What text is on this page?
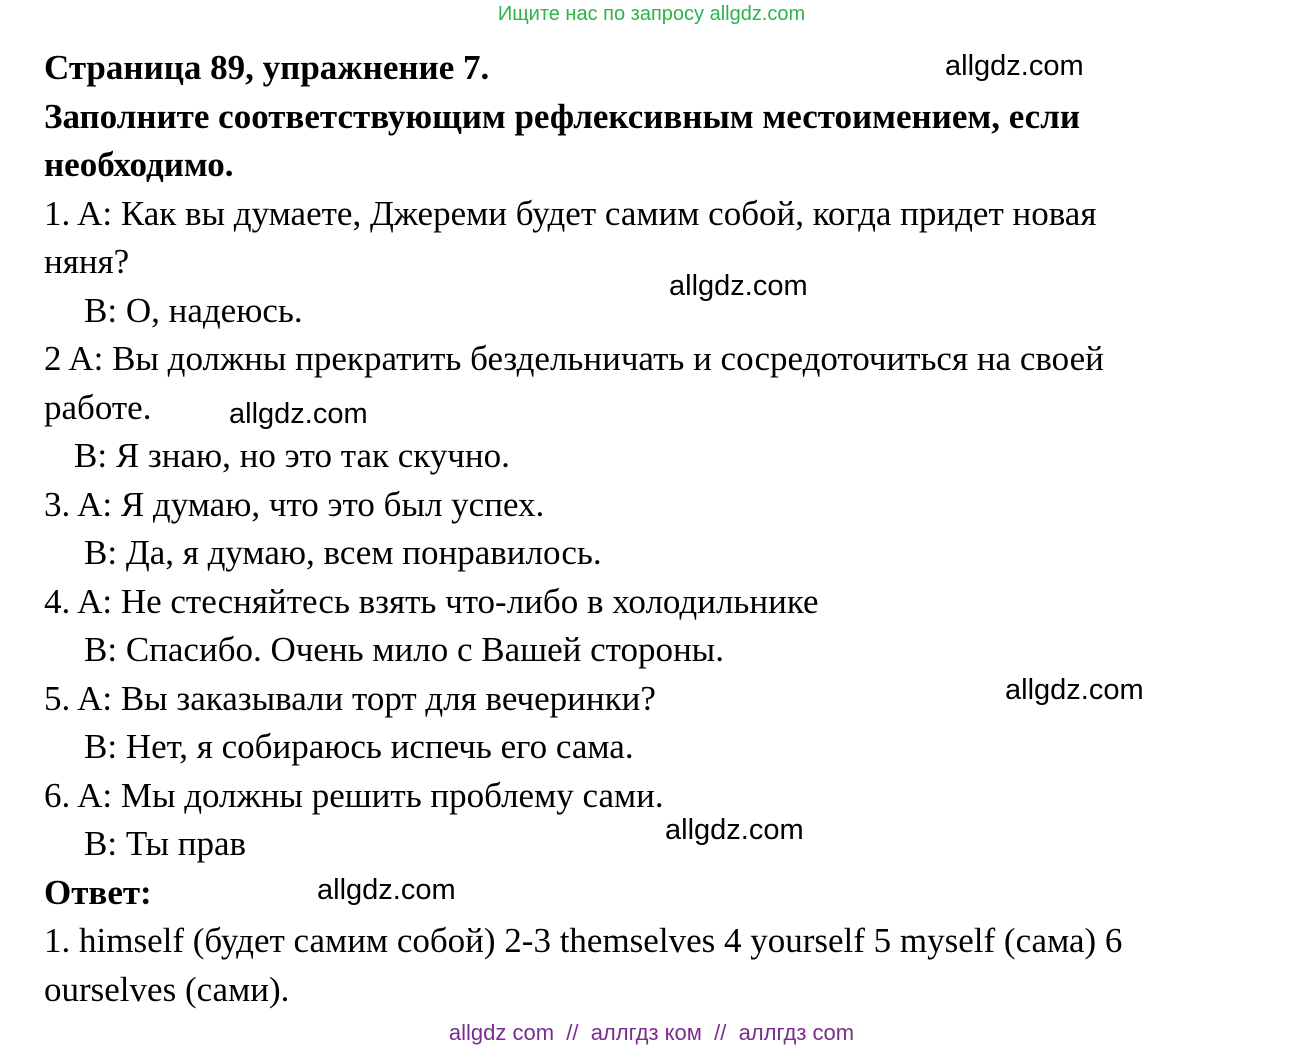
Ищите нас по запросу allgdz.com
Страница 89, упражнение 7.
Заполните соответствующим рефлексивным местоимением, если
необходимо.
1. A: Как вы думаете, Джереми будет самим собой, когда придет новая
няня?
B: О, надеюсь.
2 A: Вы должны прекратить бездельничать и сосредоточиться на своей
работе.
B: Я знаю, но это так скучно.
3. A: Я думаю, что это был успех.
B: Да, я думаю, всем понравилось.
4. A: Не стесняйтесь взять что-либо в холодильнике
B: Спасибо. Очень мило с Вашей стороны.
5. A: Вы заказывали торт для вечеринки?
B: Нет, я собираюсь испечь его сама.
6. A: Мы должны решить проблему сами.
B: Ты прав
Ответ:
1. himself (будет самим собой) 2-3 themselves 4 yourself 5 myself (сама) 6
ourselves (сами).
allgdz.com
allgdz.com
allgdz.com
allgdz.com
allgdz.com
allgdz.com
allgdz com  //  аллгдз ком  //  аллгдз com
